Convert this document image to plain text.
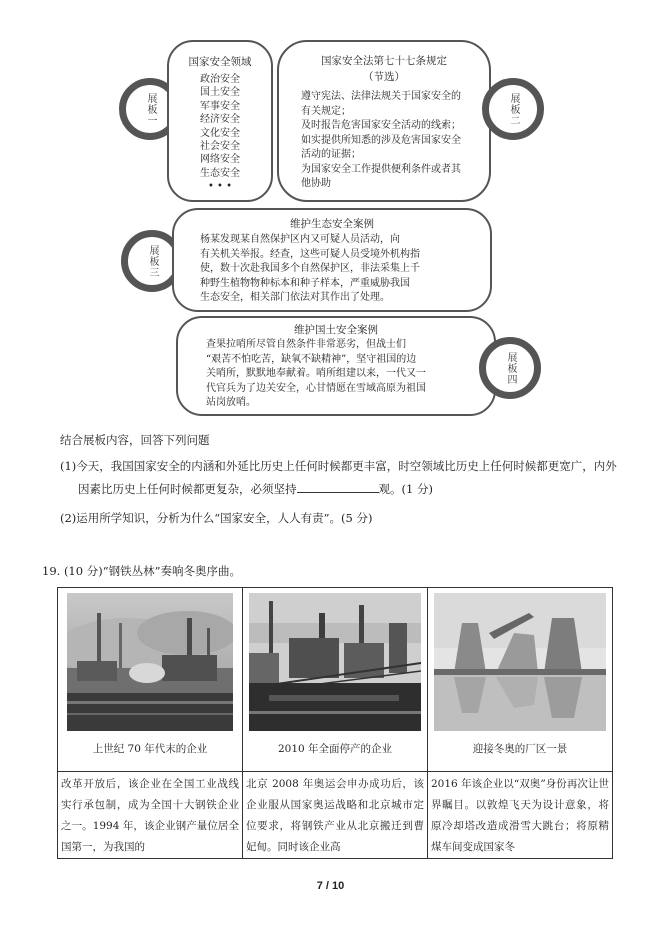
展板一
国家安全领域
政治安全
国土安全
军事安全
经济安全
文化安全
社会安全
网络安全
生态安全
• • •
国家安全法第七十七条规定
（节选）
遵守宪法、法律法规关于国家安全的
有关规定；
及时报告危害国家安全活动的线索；
如实提供所知悉的涉及危害国家安全
活动的证据；
为国家安全工作提供便利条件或者其
他协助
展板二
展板三
维护生态安全案例
杨某发现某自然保护区内又可疑人员活动，向
有关机关举报。经查，这些可疑人员受境外机构指
使，数十次赴我国多个自然保护区，非法采集上千
种野生植物物种标本和种子样本，严重威胁我国
生态安全，相关部门依法对其作出了处理。
维护国土安全案例
查果拉哨所尽管自然条件非常恶劣，但战士们
“艰苦不怕吃苦，缺氧不缺精神”，坚守祖国的边
关哨所，默默地奉献着。哨所组建以来，一代又一
代官兵为了边关安全，心甘情愿在雪域高原为祖国
站岗放哨。
展板四
结合展板内容，回答下列问题
(1)今天，我国国家安全的内涵和外延比历史上任何时候都更丰富，时空领域比历史上任何时候都更宽广，内外
因素比历史上任何时候都更复杂，必须坚持	观。(1 分)
(2)运用所学知识，分析为什么“国家安全，人人有责”。(5 分)
19. (10 分)“钢铁丛林”奏响冬奥序曲。
上世纪 70 年代末的企业	2010 年全面停产的企业	迎接冬奥的厂区一景

改革开放后，该企业在全国工业战线实行承包制，成为全国十大钢铁企业之一。1994 年，该企业钢产量位居全国第一，为我国的	北京 2008 年奥运会申办成功后，该企业服从国家奥运战略和北京城市定位要求，将钢铁产业从北京搬迁到曹妃甸。同时该企业高	2016 年该企业以“双奥”身份再次让世界瞩目。以敦煌飞天为设计意象，将原冷却塔改造成滑雪大跳台；将原精煤车间变成国家冬
7 / 10
